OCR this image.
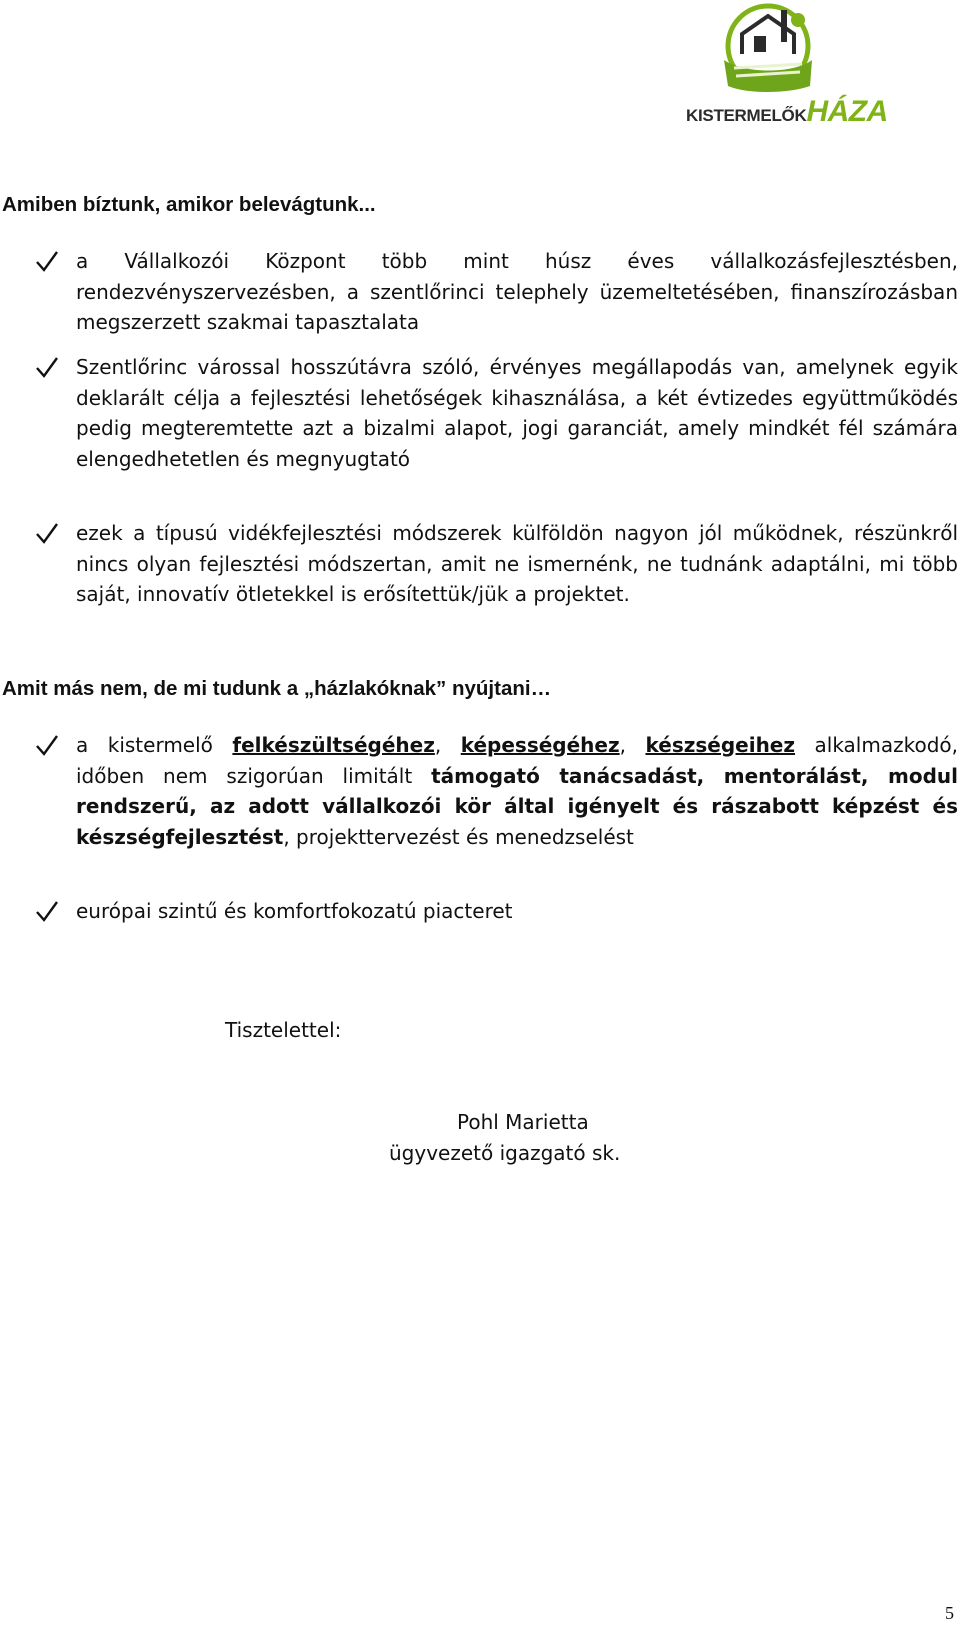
KISTERMELŐKHÁZA
Amiben bíztunk, amikor belevágtunk...
a Vállalkozói Központ több mint húsz éves vállalkozásfejlesztésben, rendezvényszervezésben, a szentlőrinci telephely üzemeltetésében, finanszírozásban megszerzett szakmai tapasztalata
Szentlőrinc várossal hosszútávra szóló, érvényes megállapodás van, amelynek egyik deklarált célja a fejlesztési lehetőségek kihasználása, a két évtizedes együttműködés pedig megteremtette azt a bizalmi alapot, jogi garanciát, amely mindkét fél számára elengedhetetlen és megnyugtató
ezek a típusú vidékfejlesztési módszerek külföldön nagyon jól működnek, részünkről nincs olyan fejlesztési módszertan, amit ne ismernénk, ne tudnánk adaptálni, mi több saját, innovatív ötletekkel is erősítettük/jük a projektet.
Amit más nem, de mi tudunk a „házlakóknak” nyújtani…
a kistermelő felkészültségéhez, képességéhez, készségeihez alkalmazkodó, időben nem szigorúan limitált támogató tanácsadást, mentorálást, modul rendszerű, az adott vállalkozói kör által igényelt és rászabott képzést és készségfejlesztést, projekttervezést és menedzselést
európai szintű és komfortfokozatú piacteret
Tisztelettel:
Pohl Marietta
ügyvezető igazgató sk.
5
